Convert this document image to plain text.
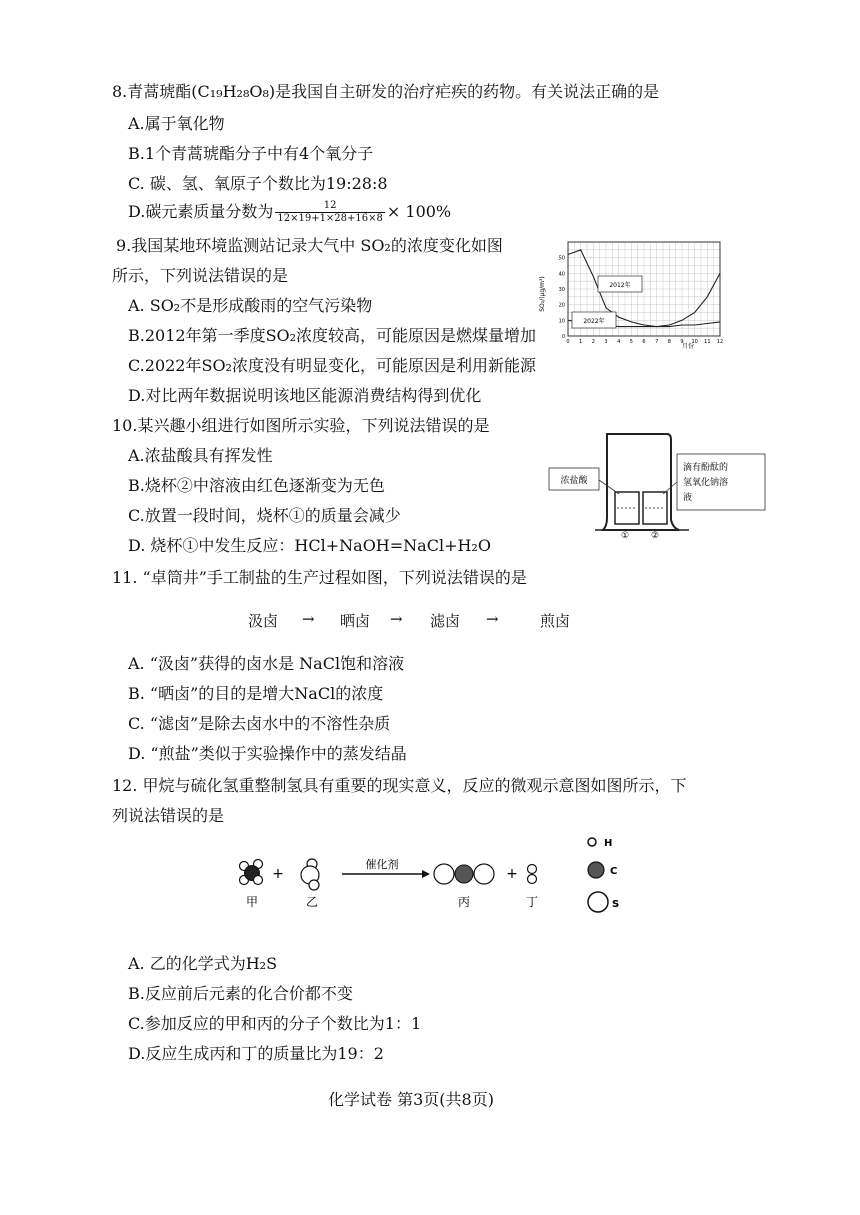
8.青蒿琥酯(C₁₉H₂₈O₈)是我国自主研发的治疗疟疾的药物。有关说法正确的是
A.属于氧化物
B.1个青蒿琥酯分子中有4个氧分子
C. 碳、氢、氧原子个数比为19:28:8
D.碳元素质量分数为 $\frac{12}{12\times 19+1\times 28+16\times 8} \times 100\%$
9.我国某地环境监测站记录大气中 SO₂的浓度变化如图
所示，下列说法错误的是
A. SO₂不是形成酸雨的空气污染物
B.2012年第一季度SO₂浓度较高，可能原因是燃煤量增加
C.2022年SO₂浓度没有明显变化，可能原因是利用新能源
D.对比两年数据说明该地区能源消费结构得到优化
0 1 2 3 4 5 6 7 8 9 10 11 12
0
10
20
30
40
50
SO₂/(μg/m³)
月份
2012年
2022年
10.某兴趣小组进行如图所示实验，下列说法错误的是
A.浓盐酸具有挥发性
B.烧杯②中溶液由红色逐渐变为无色
C.放置一段时间，烧杯①的质量会减少
D. 烧杯①中发生反应：HCl+NaOH=NaCl+H₂O	① ②
浓盐酸
滴有酚酞的
氢氧化钠溶
液
11. “卓筒井”手工制盐的生产过程如图，下列说法错误的是
汲卤 → 晒卤 → 滤卤 →	煎卤
A. “汲卤”获得的卤水是 NaCl饱和溶液
B. “晒卤”的目的是增大NaCl的浓度
C. “滤卤”是除去卤水中的不溶性杂质
D. “煎盐”类似于实验操作中的蒸发结晶
12. 甲烷与硫化氢重整制氢具有重要的现实意义，反应的微观示意图如图所示，下
列说法错误的是
甲
+
乙
催化剂
丙
+
丁
H
C
S
A. 乙的化学式为H₂S
B.反应前后元素的化合价都不变
C.参加反应的甲和丙的分子个数比为1：1
D.反应生成丙和丁的质量比为19：2
化学试卷 第3页(共8页)
